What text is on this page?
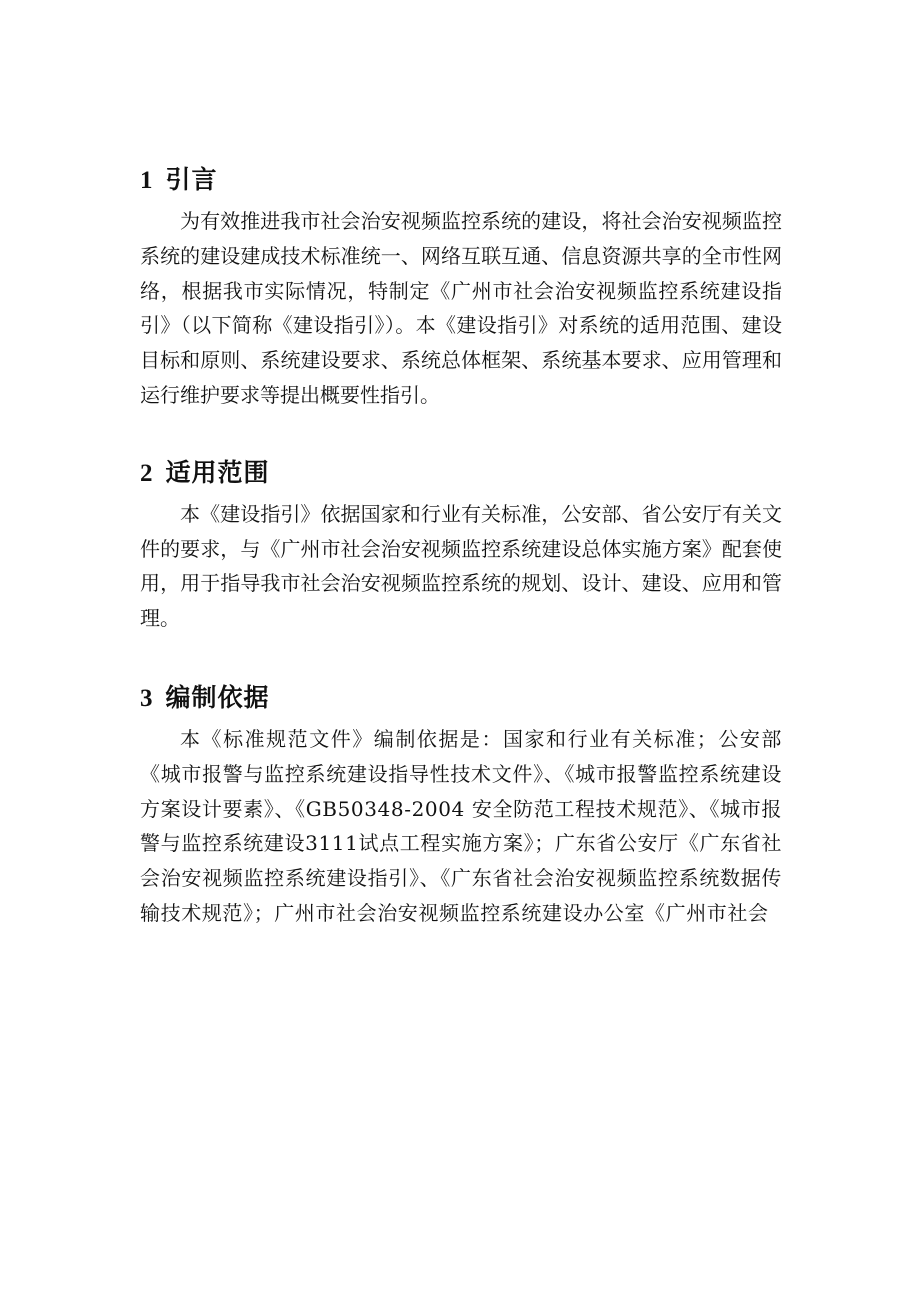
1 引言

为有效推进我市社会治安视频监控系统的建设，将社会治安视频监控系统的建设建成技术标准统一、网络互联互通、信息资源共享的全市性网络，根据我市实际情况，特制定《广州市社会治安视频监控系统建设指引》（以下简称《建设指引》）。本《建设指引》对系统的适用范围、建设目标和原则、系统建设要求、系统总体框架、系统基本要求、应用管理和运行维护要求等提出概要性指引。

2 适用范围

本《建设指引》依据国家和行业有关标准，公安部、省公安厅有关文件的要求，与《广州市社会治安视频监控系统建设总体实施方案》配套使用，用于指导我市社会治安视频监控系统的规划、设计、建设、应用和管理。

3 编制依据

本《标准规范文件》编制依据是：国家和行业有关标准；公安部《城市报警与监控系统建设指导性技术文件》、《城市报警监控系统建设方案设计要素》、《GB50348-2004 安全防范工程技术规范》、《城市报警与监控系统建设3111试点工程实施方案》；广东省公安厅《广东省社会治安视频监控系统建设指引》、《广东省社会治安视频监控系统数据传输技术规范》；广州市社会治安视频监控系统建设办公室《广州市社会
